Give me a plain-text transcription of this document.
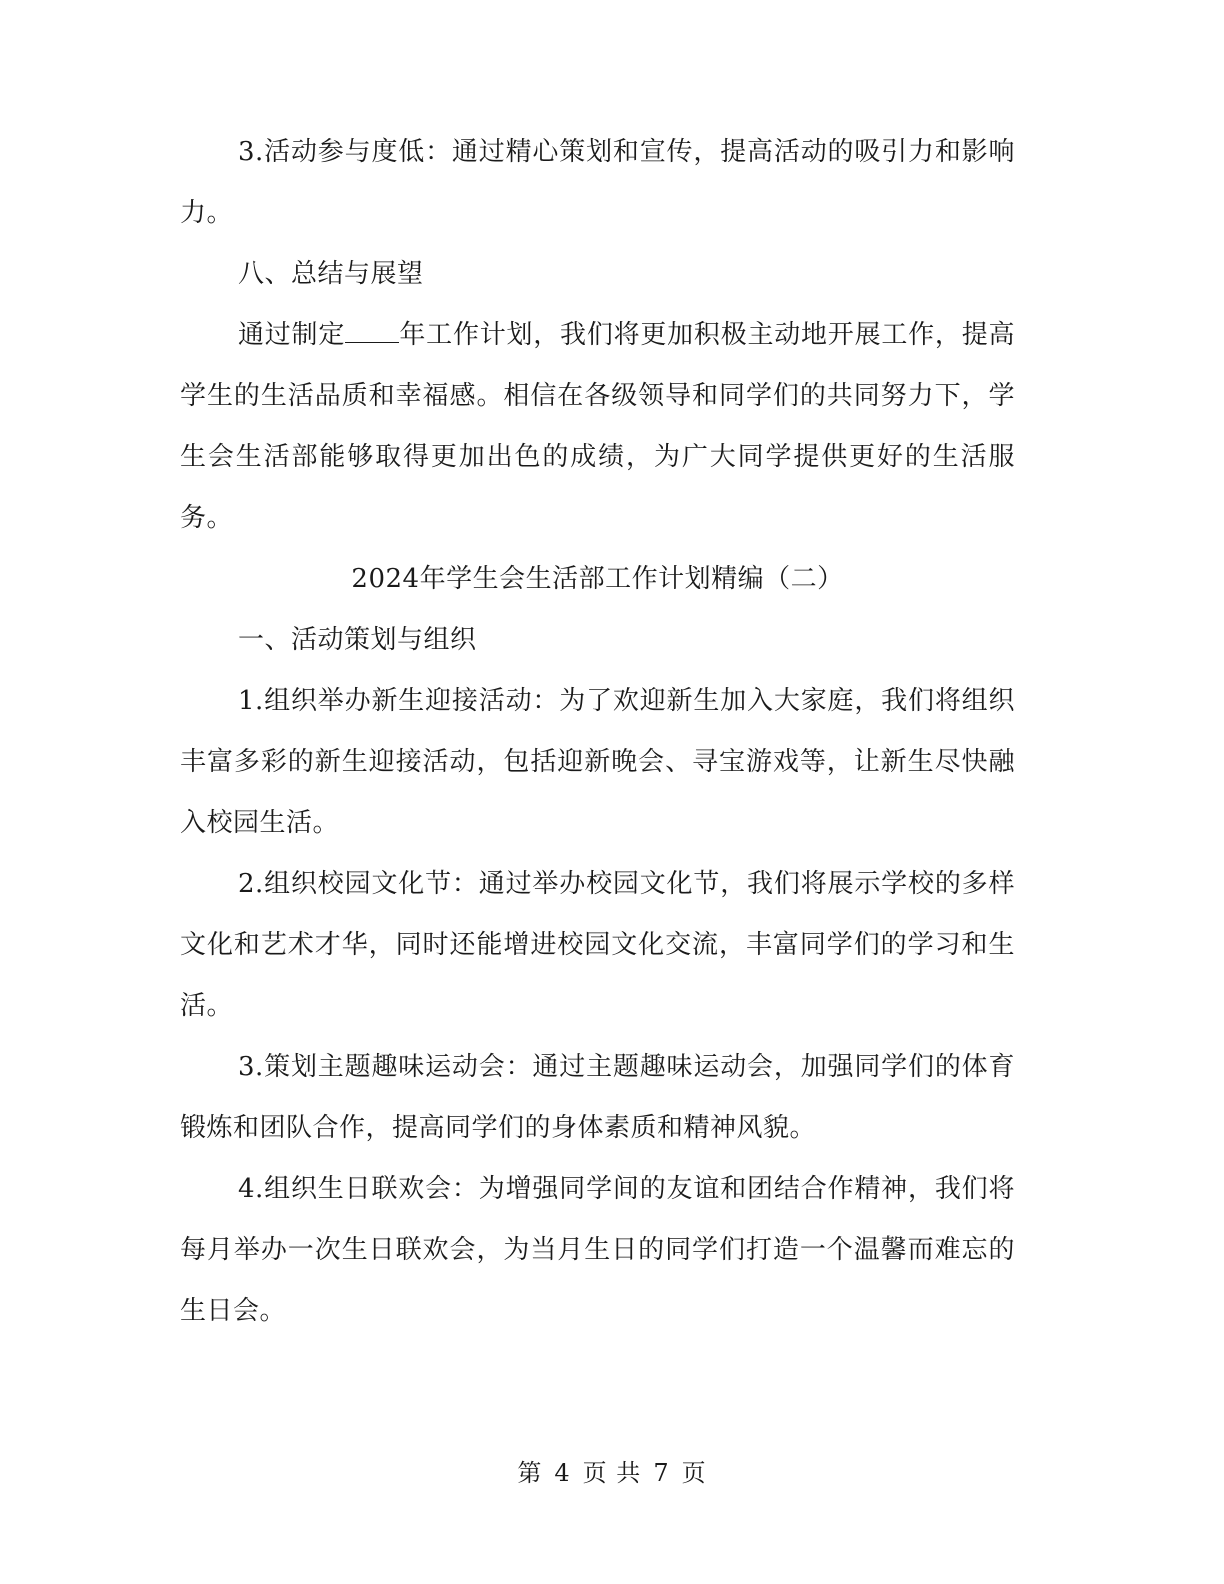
3.活动参与度低：通过精心策划和宣传，提高活动的吸引力和影响力。

八、总结与展望

通过制定 年工作计划，我们将更加积极主动地开展工作，提高学生的生活品质和幸福感。相信在各级领导和同学们的共同努力下，学生会生活部能够取得更加出色的成绩，为广大同学提供更好的生活服务。

2024年学生会生活部工作计划精编（二）

一、活动策划与组织

1.组织举办新生迎接活动：为了欢迎新生加入大家庭，我们将组织丰富多彩的新生迎接活动，包括迎新晚会、寻宝游戏等，让新生尽快融入校园生活。

2.组织校园文化节：通过举办校园文化节，我们将展示学校的多样文化和艺术才华，同时还能增进校园文化交流，丰富同学们的学习和生活。

3.策划主题趣味运动会：通过主题趣味运动会，加强同学们的体育锻炼和团队合作，提高同学们的身体素质和精神风貌。

4.组织生日联欢会：为增强同学间的友谊和团结合作精神，我们将每月举办一次生日联欢会，为当月生日的同学们打造一个温馨而难忘的生日会。

第 4 页 共 7 页
